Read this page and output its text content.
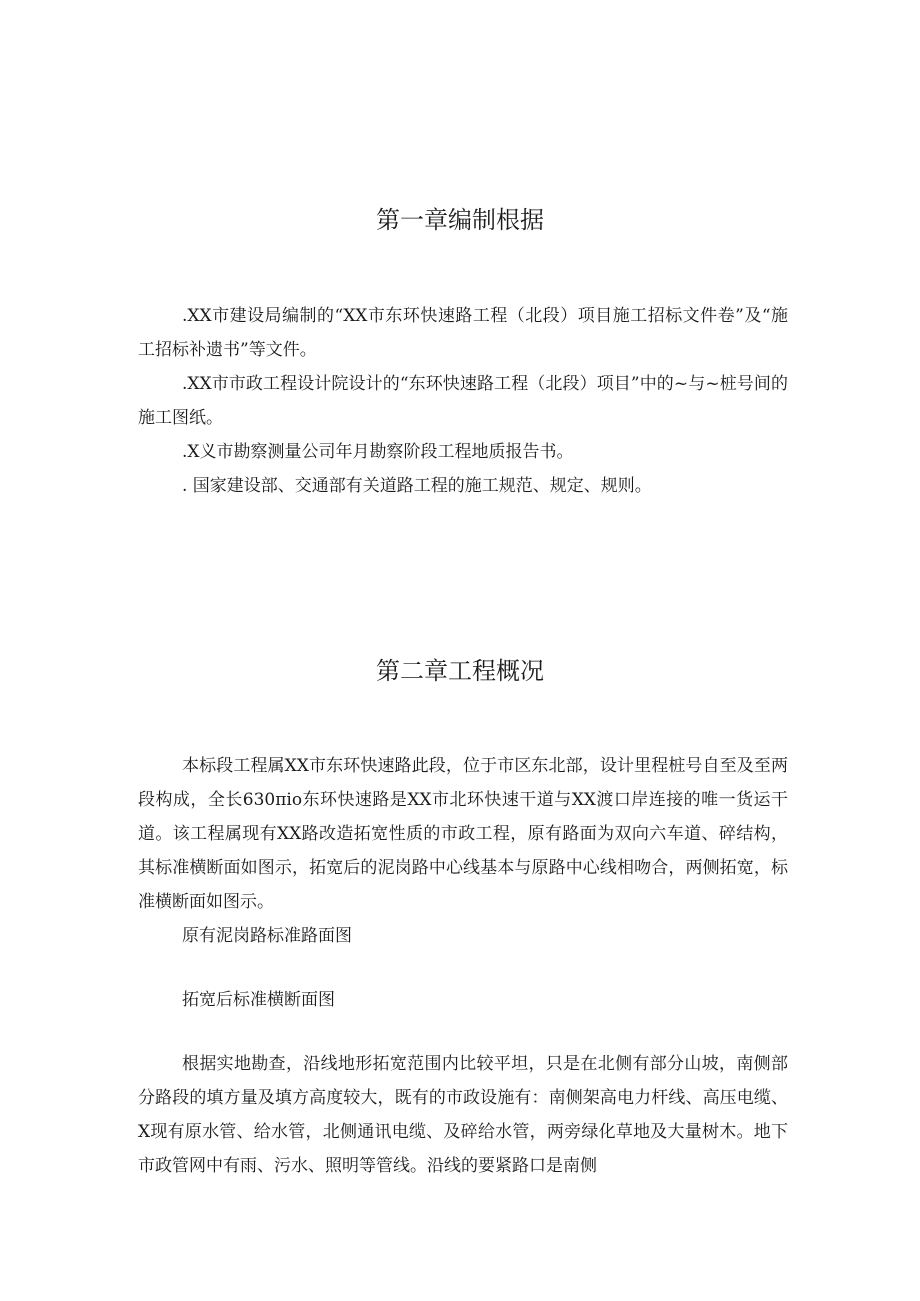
第一章编制根据

.XX市建设局编制的“XX市东环快速路工程（北段）项目施工招标文件卷”及“施工招标补遗书”等文件。

.XX市市政工程设计院设计的“东环快速路工程（北段）项目”中的~与~桩号间的施工图纸。

.X义市勘察测量公司年月勘察阶段工程地质报告书。

. 国家建设部、交通部有关道路工程的施工规范、规定、规则。

第二章工程概况

本标段工程属XX市东环快速路此段，位于市区东北部，设计里程桩号自至及至两段构成，全长630πio东环快速路是XX市北环快速干道与XX渡口岸连接的唯一货运干道。该工程属现有XX路改造拓宽性质的市政工程，原有路面为双向六车道、碎结构，其标准横断面如图示，拓宽后的泥岗路中心线基本与原路中心线相吻合，两侧拓宽，标准横断面如图示。

原有泥岗路标准路面图

拓宽后标准横断面图

根据实地勘查，沿线地形拓宽范围内比较平坦，只是在北侧有部分山坡，南侧部分路段的填方量及填方高度较大，既有的市政设施有：南侧架高电力杆线、高压电缆、X现有原水管、给水管，北侧通讯电缆、及碎给水管，两旁绿化草地及大量树木。地下市政管网中有雨、污水、照明等管线。沿线的要紧路口是南侧
